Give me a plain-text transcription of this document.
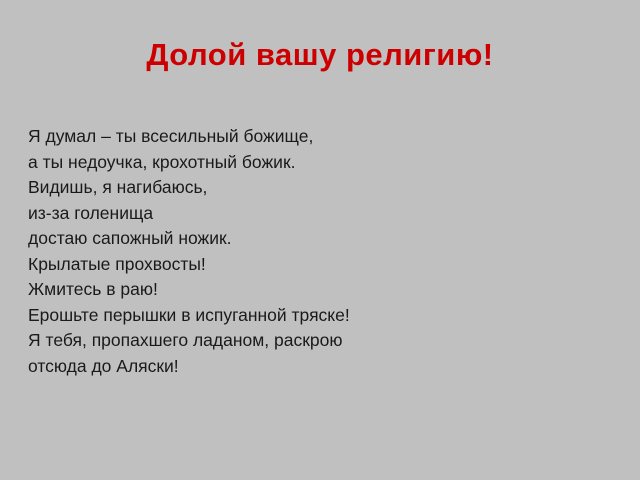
Долой вашу религию!
Я думал – ты всесильный божище,
а ты недоучка, крохотный божик.
Видишь, я нагибаюсь,
из-за голенища
достаю сапожный ножик.
Крылатые прохвосты!
Жмитесь в раю!
Ерошьте перышки в испуганной тряске!
Я тебя, пропахшего ладаном, раскрою
отсюда до Аляски!
